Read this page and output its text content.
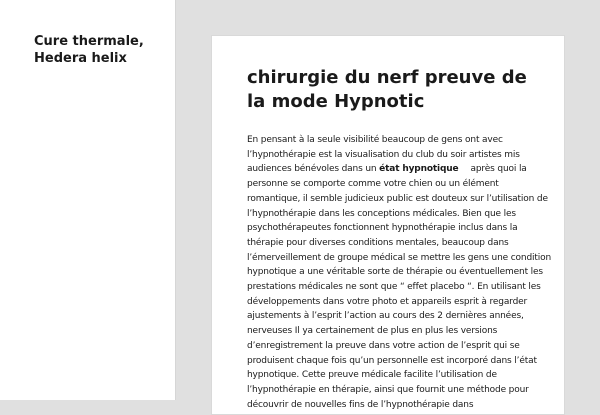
Cure thermale,
Hedera helix
chirurgie du nerf preuve de la mode Hypnotic

En pensant à la seule visibilité beaucoup de gens ont avec l’hypnothérapie est la visualisation du club du soir artistes mis audiences bénévoles dans un état hypnotique après quoi la personne se comporte comme votre chien ou un élément romantique, il semble judicieux public est douteux sur l’utilisation de l’hypnothérapie dans les conceptions médicales. Bien que les psychothérapeutes fonctionnent hypnothérapie inclus dans la thérapie pour diverses conditions mentales, beaucoup dans l’émerveillement de groupe médical se mettre les gens une condition hypnotique a une véritable sorte de thérapie ou éventuellement les prestations médicales ne sont que “ effet placebo “. En utilisant les développements dans votre photo et appareils esprit à regarder ajustements à l’esprit l’action au cours des 2 dernières années, nerveuses Il ya certainement de plus en plus les versions d’enregistrement la preuve dans votre action de l’esprit qui se produisent chaque fois qu’un personnelle est incorporé dans l’état hypnotique. Cette preuve médicale facilite l’utilisation de l’hypnothérapie en thérapie, ainsi que fournit une méthode pour découvrir de nouvelles fins de l’hypnothérapie dans
